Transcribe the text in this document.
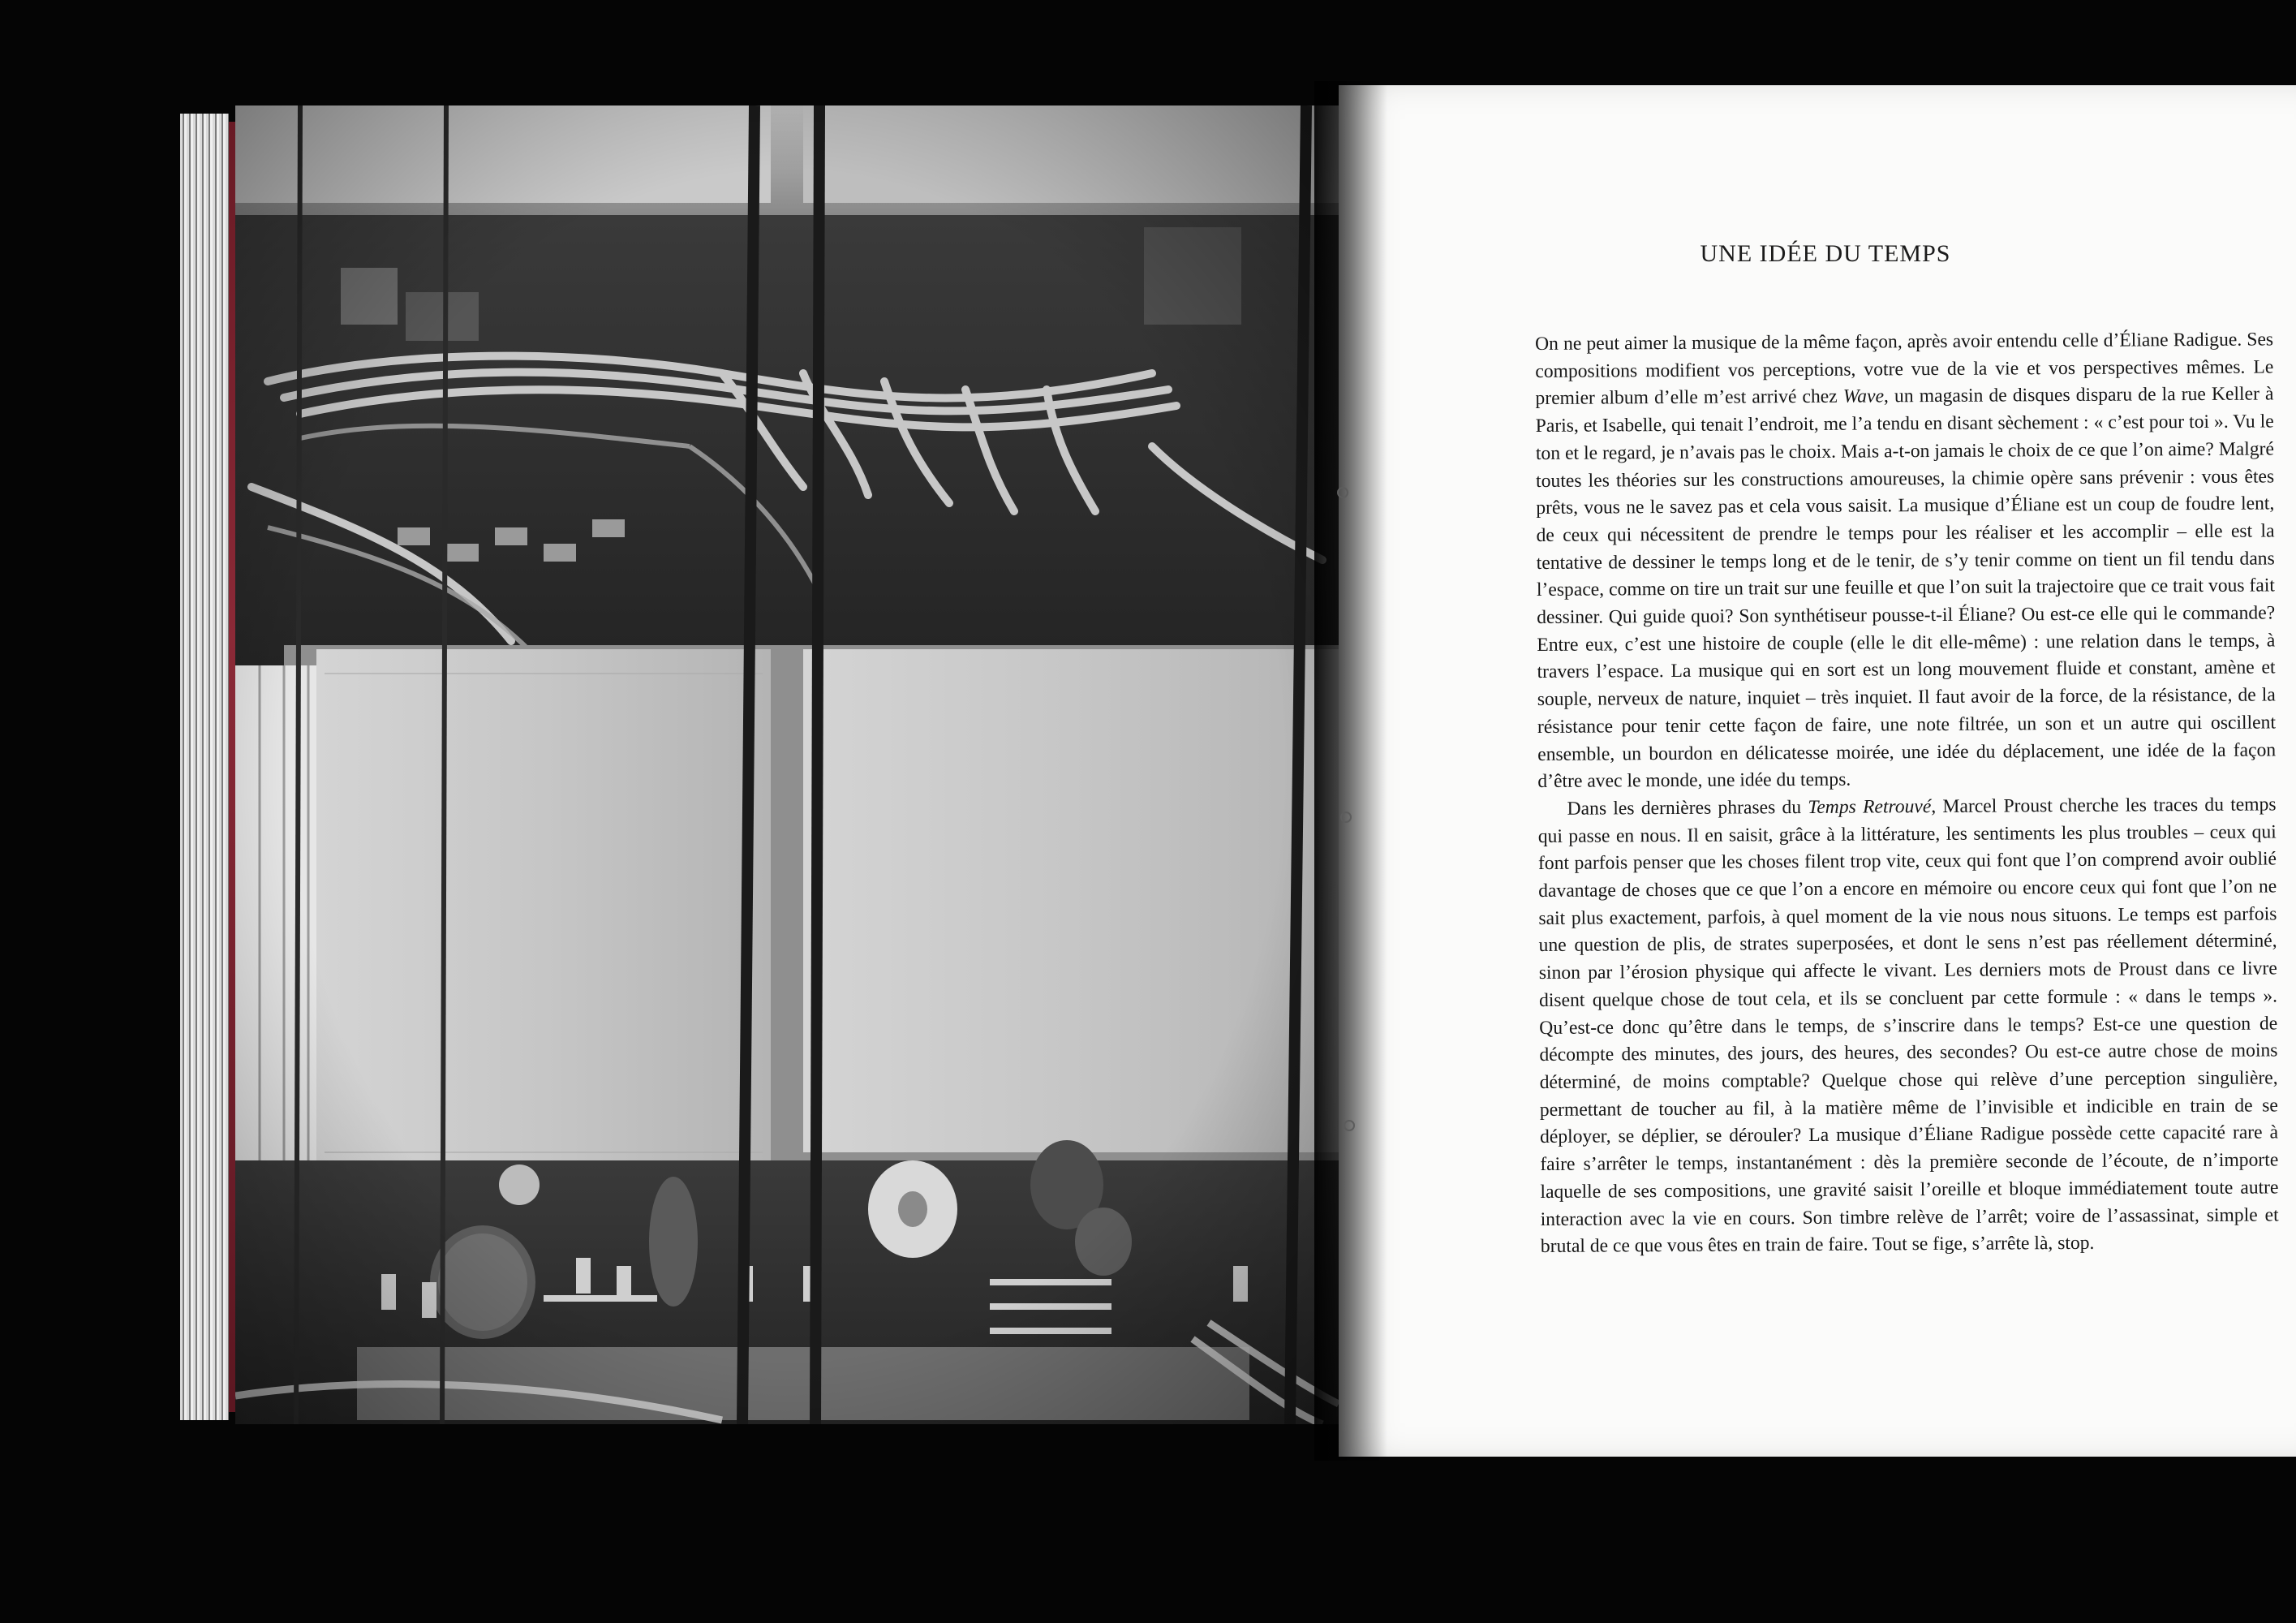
UNE IDÉE DU TEMPS

On ne peut aimer la musique de la même façon, après avoir entendu celle d’Éliane Radigue. Ses compositions modifient vos perceptions, votre vue de la vie et vos perspectives mêmes. Le premier album d’elle m’est arrivé chez Wave, un magasin de disques disparu de la rue Keller à Paris, et Isabelle, qui tenait l’endroit, me l’a tendu en disant sèchement : « c’est pour toi ». Vu le ton et le regard, je n’avais pas le choix. Mais a-t-on jamais le choix de ce que l’on aime? Malgré toutes les théories sur les constructions amoureuses, la chimie opère sans prévenir : vous êtes prêts, vous ne le savez pas et cela vous saisit. La musique d’Éliane est un coup de foudre lent, de ceux qui nécessitent de prendre le temps pour les réaliser et les accomplir – elle est la tentative de dessiner le temps long et de le tenir, de s’y tenir comme on tient un fil tendu dans l’espace, comme on tire un trait sur une feuille et que l’on suit la trajectoire que ce trait vous fait dessiner. Qui guide quoi? Son synthétiseur pousse-t-il Éliane? Ou est-ce elle qui le commande? Entre eux, c’est une histoire de couple (elle le dit elle-même) : une relation dans le temps, à travers l’espace. La musique qui en sort est un long mouvement fluide et constant, amène et souple, nerveux de nature, inquiet – très inquiet. Il faut avoir de la force, de la résistance, de la résistance pour tenir cette façon de faire, une note filtrée, un son et un autre qui oscillent ensemble, un bourdon en délicatesse moirée, une idée du déplacement, une idée de la façon d’être avec le monde, une idée du temps.

Dans les dernières phrases du Temps Retrouvé, Marcel Proust cherche les traces du temps qui passe en nous. Il en saisit, grâce à la littérature, les sentiments les plus troubles – ceux qui font parfois penser que les choses filent trop vite, ceux qui font que l’on comprend avoir oublié davantage de choses que ce que l’on a encore en mémoire ou encore ceux qui font que l’on ne sait plus exactement, parfois, à quel moment de la vie nous nous situons. Le temps est parfois une question de plis, de strates superposées, et dont le sens n’est pas réellement déterminé, sinon par l’érosion physique qui affecte le vivant. Les derniers mots de Proust dans ce livre disent quelque chose de tout cela, et ils se concluent par cette formule : « dans le temps ». Qu’est-ce donc qu’être dans le temps, de s’inscrire dans le temps? Est-ce une question de décompte des minutes, des jours, des heures, des secondes? Ou est-ce autre chose de moins déterminé, de moins comptable? Quelque chose qui relève d’une perception singulière, permettant de toucher au fil, à la matière même de l’invisible et indicible en train de se déployer, se déplier, se dérouler? La musique d’Éliane Radigue possède cette capacité rare à faire s’arrêter le temps, instantanément : dès la première seconde de l’écoute, de n’importe laquelle de ses compositions, une gravité saisit l’oreille et bloque immédiatement toute autre interaction avec la vie en cours. Son timbre relève de l’arrêt; voire de l’assassinat, simple et brutal de ce que vous êtes en train de faire. Tout se fige, s’arrête là, stop.
